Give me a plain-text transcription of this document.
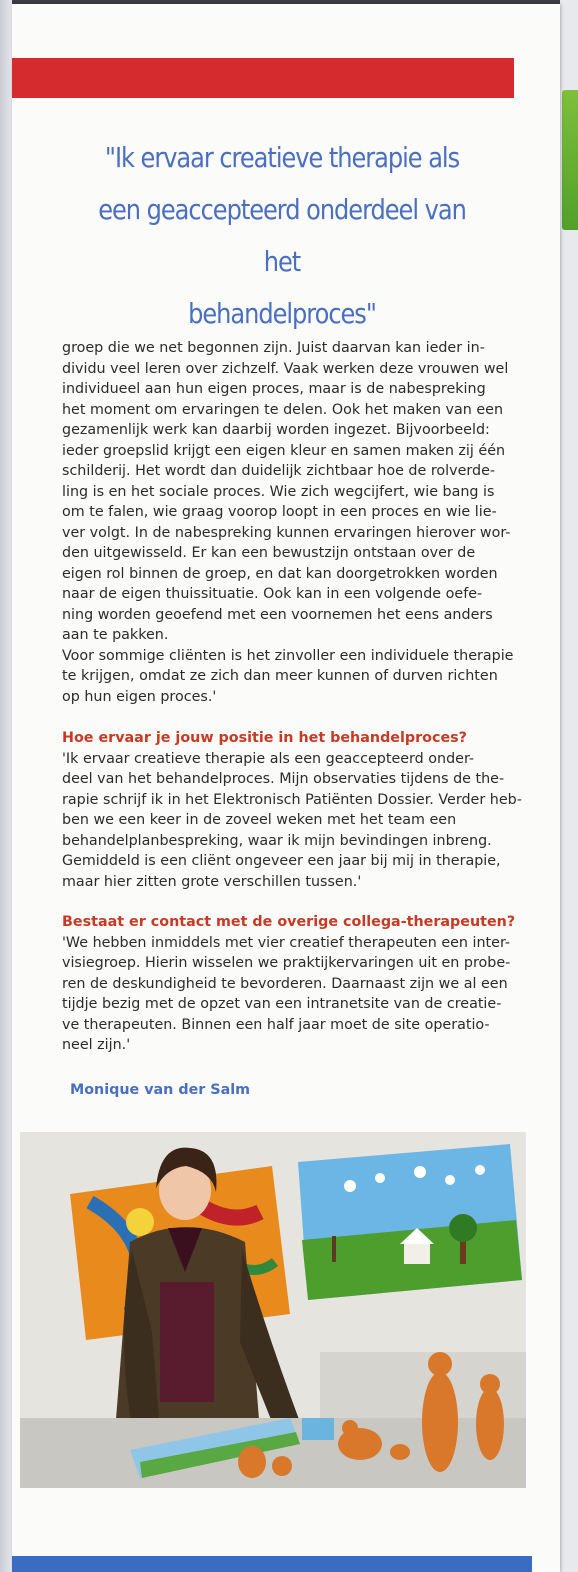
"Ik ervaar creatieve therapie als
een geaccepteerd onderdeel van het
behandelproces"
groep die we net begonnen zijn. Juist daarvan kan ieder in-
dividu veel leren over zichzelf. Vaak werken deze vrouwen wel
individueel aan hun eigen proces, maar is de nabespreking
het moment om ervaringen te delen. Ook het maken van een
gezamenlijk werk kan daarbij worden ingezet. Bijvoorbeeld:
ieder groepslid krijgt een eigen kleur en samen maken zij één
schilderij. Het wordt dan duidelijk zichtbaar hoe de rolverde-
ling is en het sociale proces. Wie zich wegcijfert, wie bang is
om te falen, wie graag voorop loopt in een proces en wie lie-
ver volgt. In de nabespreking kunnen ervaringen hierover wor-
den uitgewisseld. Er kan een bewustzijn ontstaan over de
eigen rol binnen de groep, en dat kan doorgetrokken worden
naar de eigen thuissituatie. Ook kan in een volgende oefe-
ning worden geoefend met een voornemen het eens anders
aan te pakken.
Voor sommige cliënten is het zinvoller een individuele therapie
te krijgen, omdat ze zich dan meer kunnen of durven richten
op hun eigen proces.'
Hoe ervaar je jouw positie in het behandelproces?
'Ik ervaar creatieve therapie als een geaccepteerd onder-
deel van het behandelproces. Mijn observaties tijdens de the-
rapie schrijf ik in het Elektronisch Patiënten Dossier. Verder heb-
ben we een keer in de zoveel weken met het team een
behandelplanbespreking, waar ik mijn bevindingen inbreng.
Gemiddeld is een cliënt ongeveer een jaar bij mij in therapie,
maar hier zitten grote verschillen tussen.'
Bestaat er contact met de overige collega-therapeuten?
'We hebben inmiddels met vier creatief therapeuten een inter-
visiegroep. Hierin wisselen we praktijkervaringen uit en probe-
ren de deskundigheid te bevorderen. Daarnaast zijn we al een
tijdje bezig met de opzet van een intranetsite van de creatie-
ve therapeuten. Binnen een half jaar moet de site operatio-
neel zijn.'
Monique van der Salm
